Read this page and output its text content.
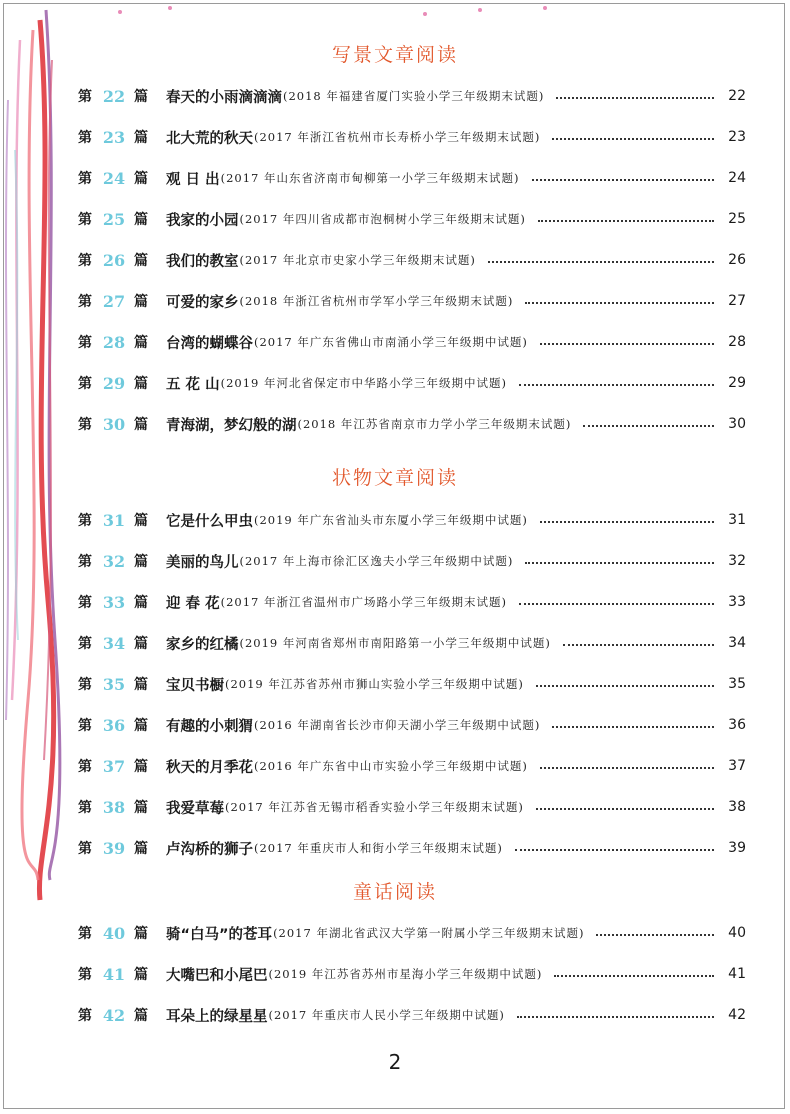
写景文章阅读
第 22 篇	春天的小雨滴滴滴 (2018 年福建省厦门实验小学三年级期末试题)	22
第 23 篇	北大荒的秋天 (2017 年浙江省杭州市长寿桥小学三年级期末试题)	23
第 24 篇	观 日 出 (2017 年山东省济南市甸柳第一小学三年级期末试题)	24
第 25 篇	我家的小园 (2017 年四川省成都市泡桐树小学三年级期末试题)	25
第 26 篇	我们的教室 (2017 年北京市史家小学三年级期末试题)	26
第 27 篇	可爱的家乡 (2018 年浙江省杭州市学军小学三年级期末试题)	27
第 28 篇	台湾的蝴蝶谷 (2017 年广东省佛山市南涌小学三年级期中试题)	28
第 29 篇	五 花 山 (2019 年河北省保定市中华路小学三年级期中试题)	29
第 30 篇	青海湖，梦幻般的湖 (2018 年江苏省南京市力学小学三年级期末试题)	30
状物文章阅读
第 31 篇	它是什么甲虫 (2019 年广东省汕头市东厦小学三年级期中试题)	31
第 32 篇	美丽的鸟儿 (2017 年上海市徐汇区逸夫小学三年级期中试题)	32
第 33 篇	迎 春 花 (2017 年浙江省温州市广场路小学三年级期末试题)	33
第 34 篇	家乡的红橘 (2019 年河南省郑州市南阳路第一小学三年级期中试题)	34
第 35 篇	宝贝书橱 (2019 年江苏省苏州市狮山实验小学三年级期中试题)	35
第 36 篇	有趣的小刺猬 (2016 年湖南省长沙市仰天湖小学三年级期中试题)	36
第 37 篇	秋天的月季花 (2016 年广东省中山市实验小学三年级期中试题)	37
第 38 篇	我爱草莓 (2017 年江苏省无锡市稻香实验小学三年级期末试题)	38
第 39 篇	卢沟桥的狮子 (2017 年重庆市人和街小学三年级期末试题)	39
童话阅读
第 40 篇	骑“白马”的苍耳 (2017 年湖北省武汉大学第一附属小学三年级期末试题)	40
第 41 篇	大嘴巴和小尾巴 (2019 年江苏省苏州市星海小学三年级期中试题)	41
第 42 篇	耳朵上的绿星星 (2017 年重庆市人民小学三年级期中试题)	42
2
